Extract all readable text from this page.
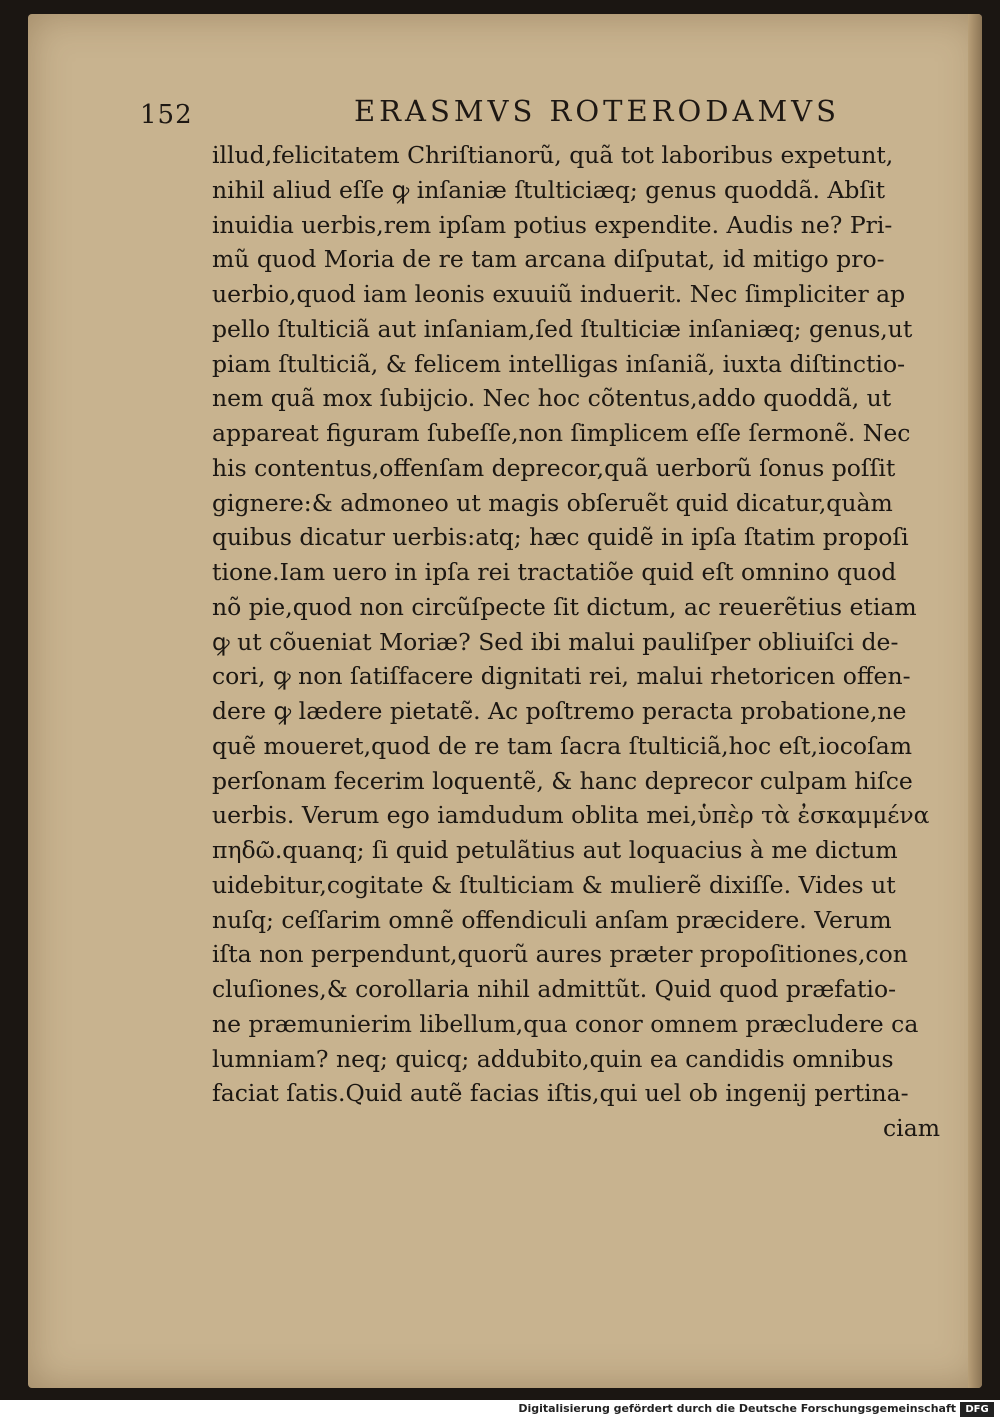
152	ERASMVS ROTERODAMVS
illud,felicitatem Chriſtianorũ, quã tot laboribus expetunt,
nihil aliud eſſe ꝙ inſaniæ ſtulticiæq; genus quoddã. Abſit
inuidia uerbis,rem ipſam potius expendite. Audis ne? Pri-
mũ quod Moria de re tam arcana diſputat, id mitigo pro-
uerbio,quod iam leonis exuuiũ induerit. Nec ſimpliciter ap
pello ſtulticiã aut inſaniam,ſed ſtulticiæ inſaniæq; genus,ut
piam ſtulticiã, & felicem intelligas inſaniã, iuxta diſtinctio-
nem quã mox ſubijcio. Nec hoc cõtentus,addo quoddã, ut
appareat figuram ſubeſſe,non ſimplicem eſſe ſermonẽ. Nec
his contentus,offenſam deprecor,quã uerborũ ſonus poſſit
gignere:& admoneo ut magis obſeruẽt quid dicatur,quàm
quibus dicatur uerbis:atq; hæc quidẽ in ipſa ſtatim propoſi
tione.Iam uero in ipſa rei tractatiõe quid eſt omnino quod
nõ pie,quod non circũſpecte ſit dictum, ac reuerẽtius etiam
ꝙ ut cõueniat Moriæ? Sed ibi malui pauliſper obliuiſci de-
cori, ꝙ non ſatiſfacere dignitati rei, malui rhetoricen offen-
dere ꝙ lædere pietatẽ. Ac poſtremo peracta probatione,ne
quẽ moueret,quod de re tam ſacra ſtulticiã,hoc eſt,iocoſam
perſonam fecerim loquentẽ, & hanc deprecor culpam hiſce
uerbis. Verum ego iamdudum oblita mei,ὑπὲρ τὰ ἐσκαμμένα
πηδῶ.quanq; ſi quid petulãtius aut loquacius à me dictum
uidebitur,cogitate & ſtulticiam & mulierẽ dixiſſe. Vides ut
nuſq; ceſſarim omnẽ offendiculi anſam præcidere. Verum
iſta non perpendunt,quorũ aures præter propoſitiones,con
cluſiones,& corollaria nihil admittũt. Quid quod præfatio-
ne præmunierim libellum,qua conor omnem præcludere ca
lumniam? neq; quicq; addubito,quin ea candidis omnibus
faciat ſatis.Quid autẽ facias iſtis,qui uel ob ingenij pertina-
ciam
Digitalisierung gefördert durch die Deutsche Forschungsgemeinschaft DFG
